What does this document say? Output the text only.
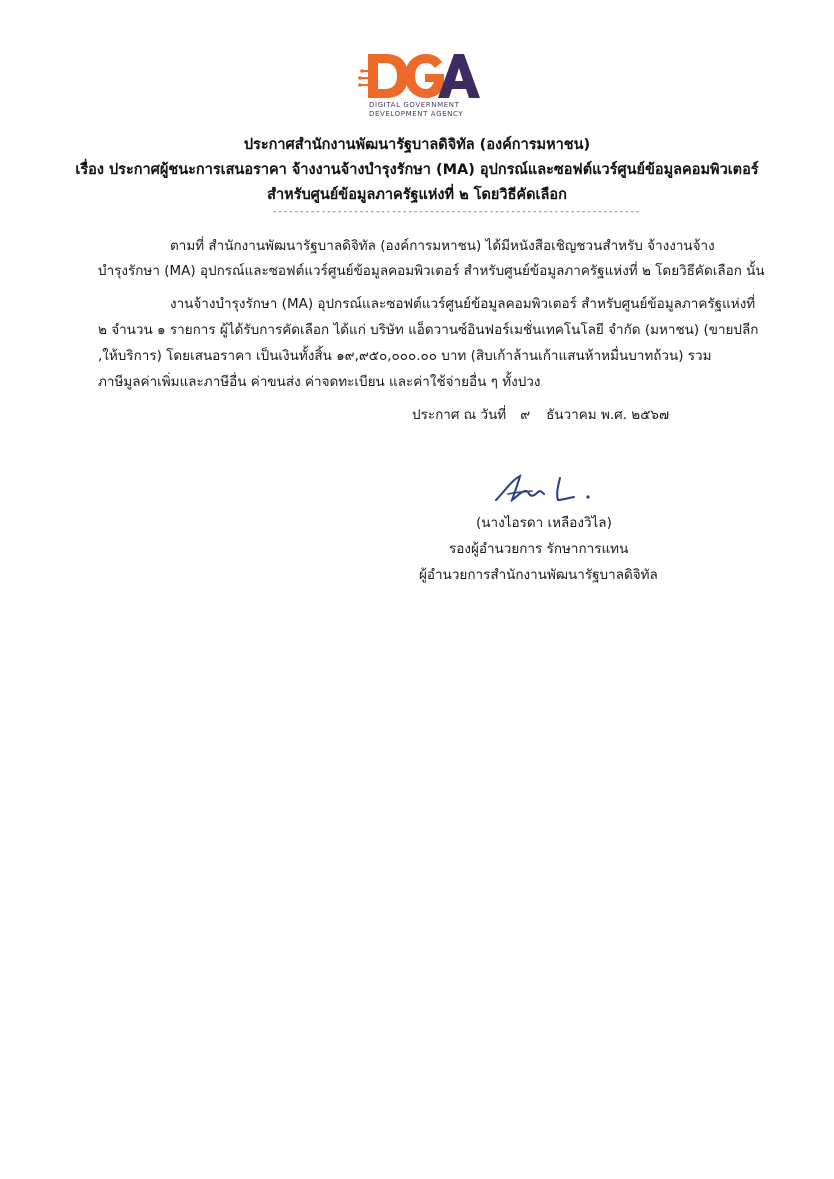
DIGITAL GOVERNMENT
DEVELOPMENT AGENCY
ประกาศสำนักงานพัฒนารัฐบาลดิจิทัล (องค์การมหาชน)
เรื่อง ประกาศผู้ชนะการเสนอราคา จ้างงานจ้างบำรุงรักษา (MA) อุปกรณ์และซอฟต์แวร์ศูนย์ข้อมูลคอมพิวเตอร์
สำหรับศูนย์ข้อมูลภาครัฐแห่งที่ ๒ โดยวิธีคัดเลือก
--------------------------------------------------------------------
ตามที่ สำนักงานพัฒนารัฐบาลดิจิทัล (องค์การมหาชน) ได้มีหนังสือเชิญชวนสำหรับ จ้างงานจ้าง
บำรุงรักษา (MA) อุปกรณ์และซอฟต์แวร์ศูนย์ข้อมูลคอมพิวเตอร์ สำหรับศูนย์ข้อมูลภาครัฐแห่งที่ ๒ โดยวิธีคัดเลือก นั้น
งานจ้างบำรุงรักษา (MA) อุปกรณ์และซอฟต์แวร์ศูนย์ข้อมูลคอมพิวเตอร์ สำหรับศูนย์ข้อมูลภาครัฐแห่งที่
๒ จำนวน ๑ รายการ ผู้ได้รับการคัดเลือก ได้แก่ บริษัท แอ็ดวานซ์อินฟอร์เมชั่นเทคโนโลยี จำกัด (มหาชน) (ขายปลีก
,ให้บริการ) โดยเสนอราคา เป็นเงินทั้งสิ้น ๑๙,๙๕๐,๐๐๐.๐๐ บาท (สิบเก้าล้านเก้าแสนห้าหมื่นบาทถ้วน) รวม
ภาษีมูลค่าเพิ่มและภาษีอื่น ค่าขนส่ง ค่าจดทะเบียน และค่าใช้จ่ายอื่น ๆ ทั้งปวง
ประกาศ ณ วันที่ ๙ ธันวาคม พ.ศ. ๒๕๖๗
(นางไอรดา เหลืองวิไล)
รองผู้อำนวยการ รักษาการแทน
ผู้อำนวยการสำนักงานพัฒนารัฐบาลดิจิทัล
